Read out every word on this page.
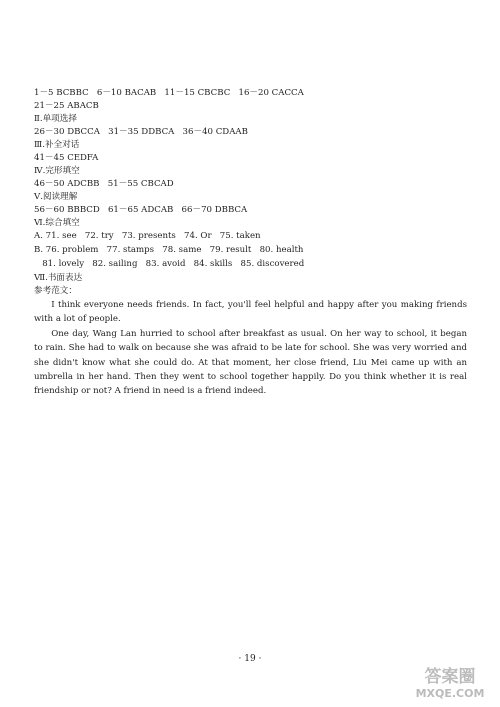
1－5 BCBBC   6－10 BACAB   11－15 CBCBC   16－20 CACCA
21－25 ABACB
Ⅱ.单项选择
26－30 DBCCA   31－35 DDBCA   36－40 CDAAB
Ⅲ.补全对话
41－45 CEDFA
Ⅳ.完形填空
46－50 ADCBB   51－55 CBCAD
Ⅴ.阅读理解
56－60 BBBCD   61－65 ADCAB   66－70 DBBCA
Ⅵ.综合填空
A. 71. see   72. try   73. presents   74. Or   75. taken
B. 76. problem   77. stamps   78. same   79. result   80. health
81. lovely   82. sailing   83. avoid   84. skills   85. discovered
Ⅶ.书面表达
参考范文：

I think everyone needs friends. In fact, you'll feel helpful and happy after you making friends with a lot of people.

One day, Wang Lan hurried to school after breakfast as usual. On her way to school, it began to rain. She had to walk on because she was afraid to be late for school. She was very worried and she didn't know what she could do. At that moment, her close friend, Liu Mei came up with an umbrella in her hand. Then they went to school together happily. Do you think whether it is real friendship or not? A friend in need is a friend indeed.

· 19 ·
答案圈
MXQE.COM
